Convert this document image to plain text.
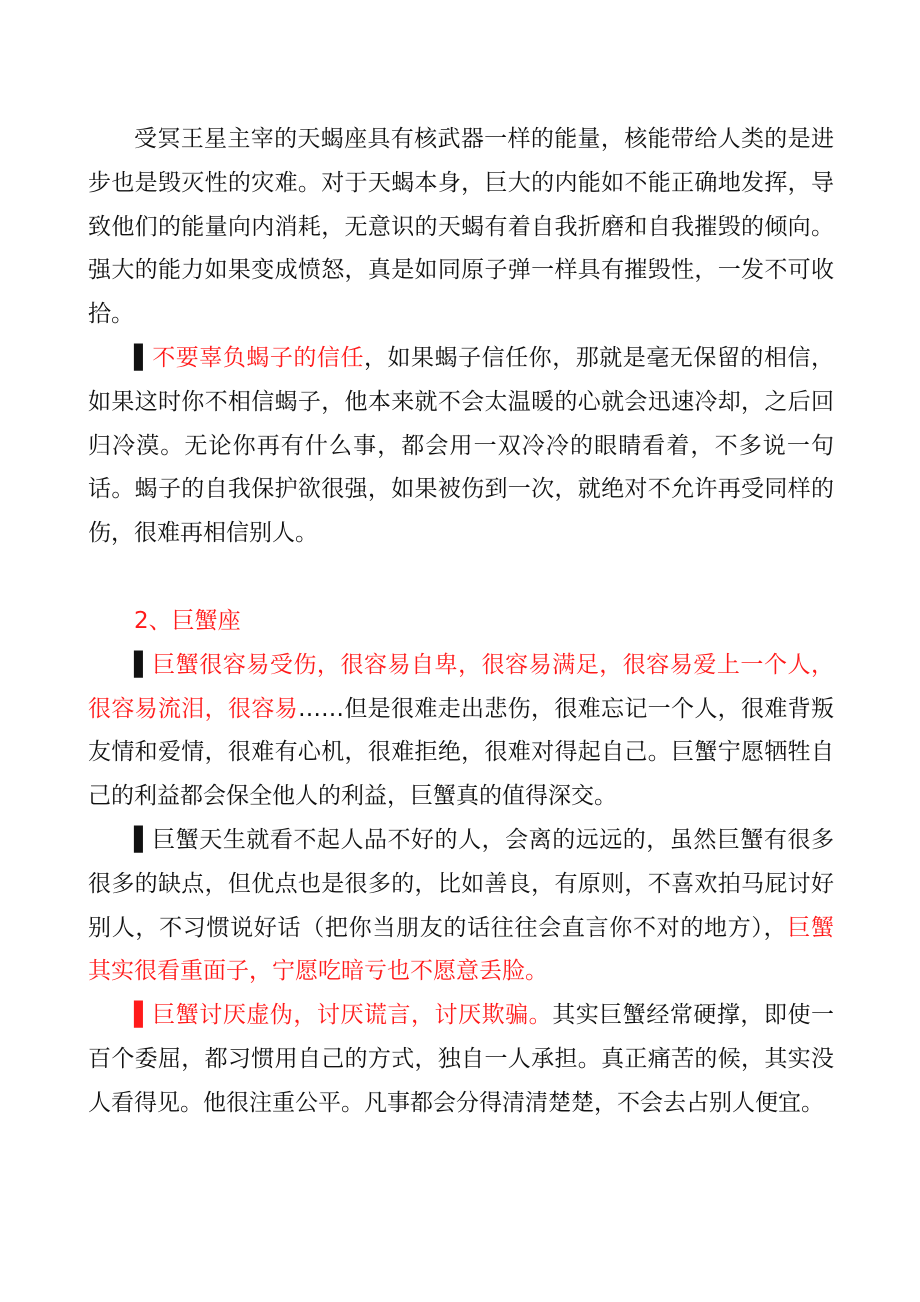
受冥王星主宰的天蝎座具有核武器一样的能量，核能带给人类的是进步也是毁灭性的灾难。对于天蝎本身，巨大的内能如不能正确地发挥，导致他们的能量向内消耗，无意识的天蝎有着自我折磨和自我摧毁的倾向。强大的能力如果变成愤怒，真是如同原子弹一样具有摧毁性，一发不可收拾。

▌不要辜负蝎子的信任，如果蝎子信任你，那就是毫无保留的相信，如果这时你不相信蝎子，他本来就不会太温暖的心就会迅速冷却，之后回归冷漠。无论你再有什么事，都会用一双冷冷的眼睛看着，不多说一句话。蝎子的自我保护欲很强，如果被伤到一次，就绝对不允许再受同样的伤，很难再相信别人。

2、巨蟹座

▌巨蟹很容易受伤，很容易自卑，很容易满足，很容易爱上一个人，很容易流泪，很容易……但是很难走出悲伤，很难忘记一个人，很难背叛友情和爱情，很难有心机，很难拒绝，很难对得起自己。巨蟹宁愿牺牲自己的利益都会保全他人的利益，巨蟹真的值得深交。

▌巨蟹天生就看不起人品不好的人，会离的远远的，虽然巨蟹有很多很多的缺点，但优点也是很多的，比如善良，有原则，不喜欢拍马屁讨好别人，不习惯说好话（把你当朋友的话往往会直言你不对的地方），巨蟹其实很看重面子，宁愿吃暗亏也不愿意丢脸。

▌巨蟹讨厌虚伪，讨厌谎言，讨厌欺骗。其实巨蟹经常硬撑，即使一百个委屈，都习惯用自己的方式，独自一人承担。真正痛苦的候，其实没人看得见。他很注重公平。凡事都会分得清清楚楚，不会去占别人便宜。
